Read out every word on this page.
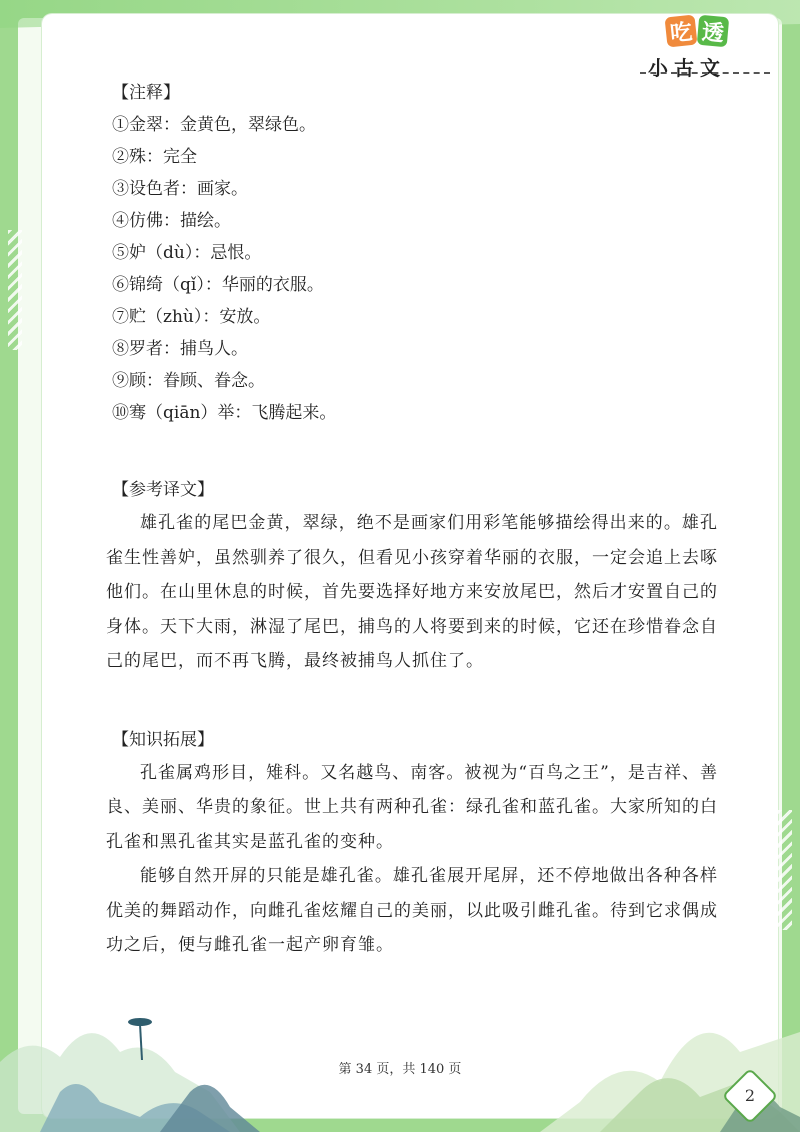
吃 透
小古文
【注释】
①金翠：金黄色，翠绿色。
②殊：完全
③设色者：画家。
④仿佛：描绘。
⑤妒（dù）：忌恨。
⑥锦绮（qǐ）：华丽的衣服。
⑦贮（zhù）：安放。
⑧罗者：捕鸟人。
⑨顾：眷顾、眷念。
⑩骞（qiān）举：飞腾起来。
【参考译文】

雄孔雀的尾巴金黄，翠绿，绝不是画家们用彩笔能够描绘得出来的。雄孔雀生性善妒，虽然驯养了很久，但看见小孩穿着华丽的衣服，一定会追上去啄他们。在山里休息的时候，首先要选择好地方来安放尾巴，然后才安置自己的身体。天下大雨，淋湿了尾巴，捕鸟的人将要到来的时候，它还在珍惜眷念自己的尾巴，而不再飞腾，最终被捕鸟人抓住了。

【知识拓展】

孔雀属鸡形目，雉科。又名越鸟、南客。被视为“百鸟之王”，是吉祥、善良、美丽、华贵的象征。世上共有两种孔雀：绿孔雀和蓝孔雀。大家所知的白孔雀和黑孔雀其实是蓝孔雀的变种。

能够自然开屏的只能是雄孔雀。雄孔雀展开尾屏，还不停地做出各种各样优美的舞蹈动作，向雌孔雀炫耀自己的美丽，以此吸引雌孔雀。待到它求偶成功之后，便与雌孔雀一起产卵育雏。

第 34 页，共 140 页
2
